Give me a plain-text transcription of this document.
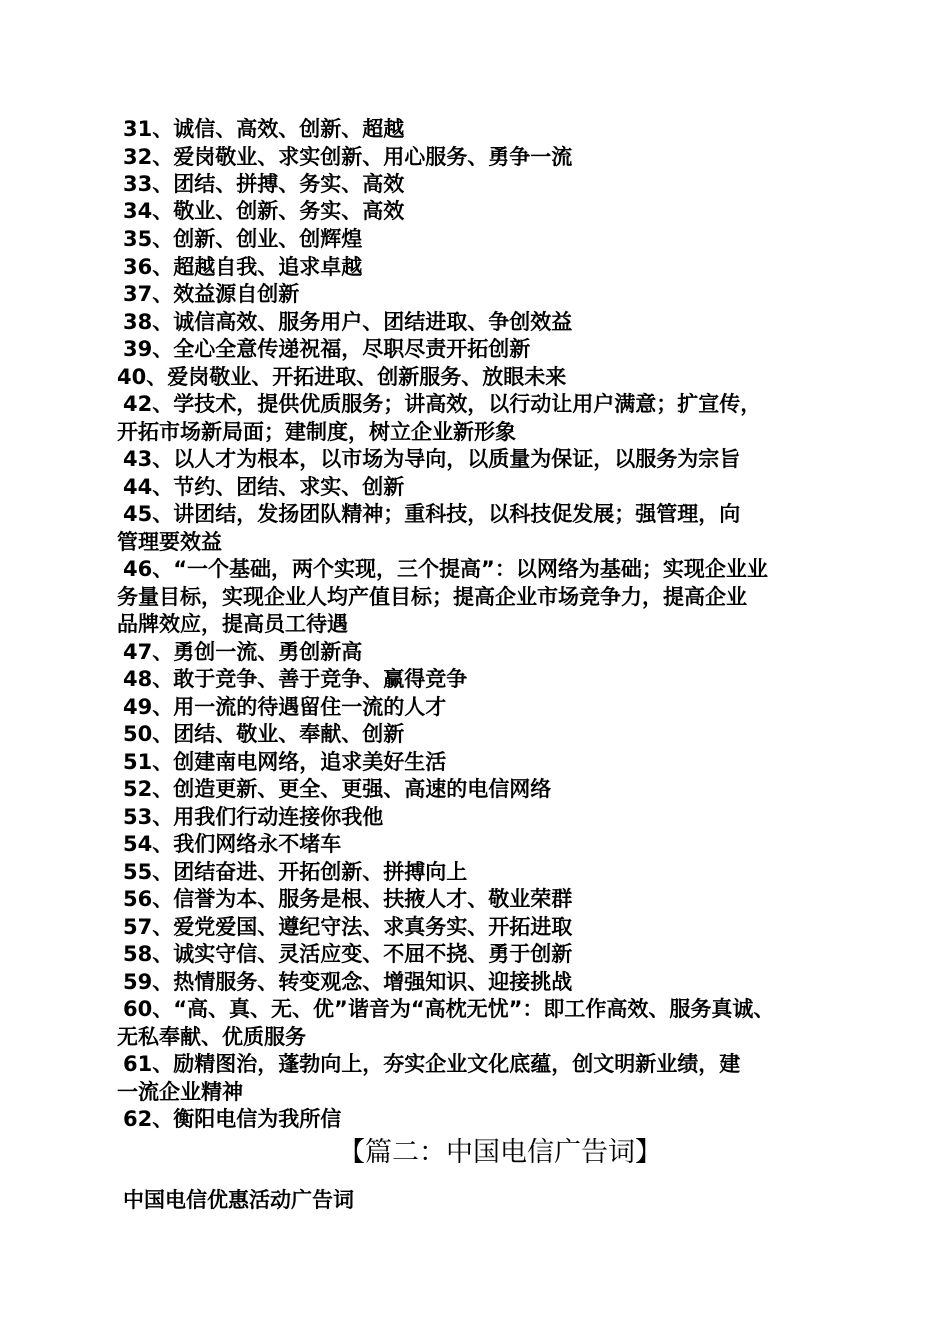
31、诚信、高效、创新、超越
32、爱岗敬业、求实创新、用心服务、勇争一流
33、团结、拼搏、务实、高效
34、敬业、创新、务实、高效
35、创新、创业、创辉煌
36、超越自我、追求卓越
37、效益源自创新
38、诚信高效、服务用户、团结进取、争创效益
39、全心全意传递祝福，尽职尽责开拓创新
40、爱岗敬业、开拓进取、创新服务、放眼未来
42、学技术，提供优质服务；讲高效，以行动让用户满意；扩宣传，
开拓市场新局面；建制度，树立企业新形象
43、以人才为根本，以市场为导向，以质量为保证，以服务为宗旨
44、节约、团结、求实、创新
45、讲团结，发扬团队精神；重科技，以科技促发展；强管理，向
管理要效益
46、“一个基础，两个实现，三个提高”：以网络为基础；实现企业业
务量目标，实现企业人均产值目标；提高企业市场竞争力，提高企业
品牌效应，提高员工待遇
47、勇创一流、勇创新高
48、敢于竞争、善于竞争、赢得竞争
49、用一流的待遇留住一流的人才
50、团结、敬业、奉献、创新
51、创建南电网络，追求美好生活
52、创造更新、更全、更强、高速的电信网络
53、用我们行动连接你我他
54、我们网络永不堵车
55、团结奋进、开拓创新、拼搏向上
56、信誉为本、服务是根、扶掖人才、敬业荣群
57、爱党爱国、遵纪守法、求真务实、开拓进取
58、诚实守信、灵活应变、不屈不挠、勇于创新
59、热情服务、转变观念、增强知识、迎接挑战
60、“高、真、无、优”谐音为“高枕无忧”：即工作高效、服务真诚、
无私奉献、优质服务
61、励精图治，蓬勃向上，夯实企业文化底蕴，创文明新业绩，建
一流企业精神
62、衡阳电信为我所信
【篇二：中国电信广告词】
中国电信优惠活动广告词
